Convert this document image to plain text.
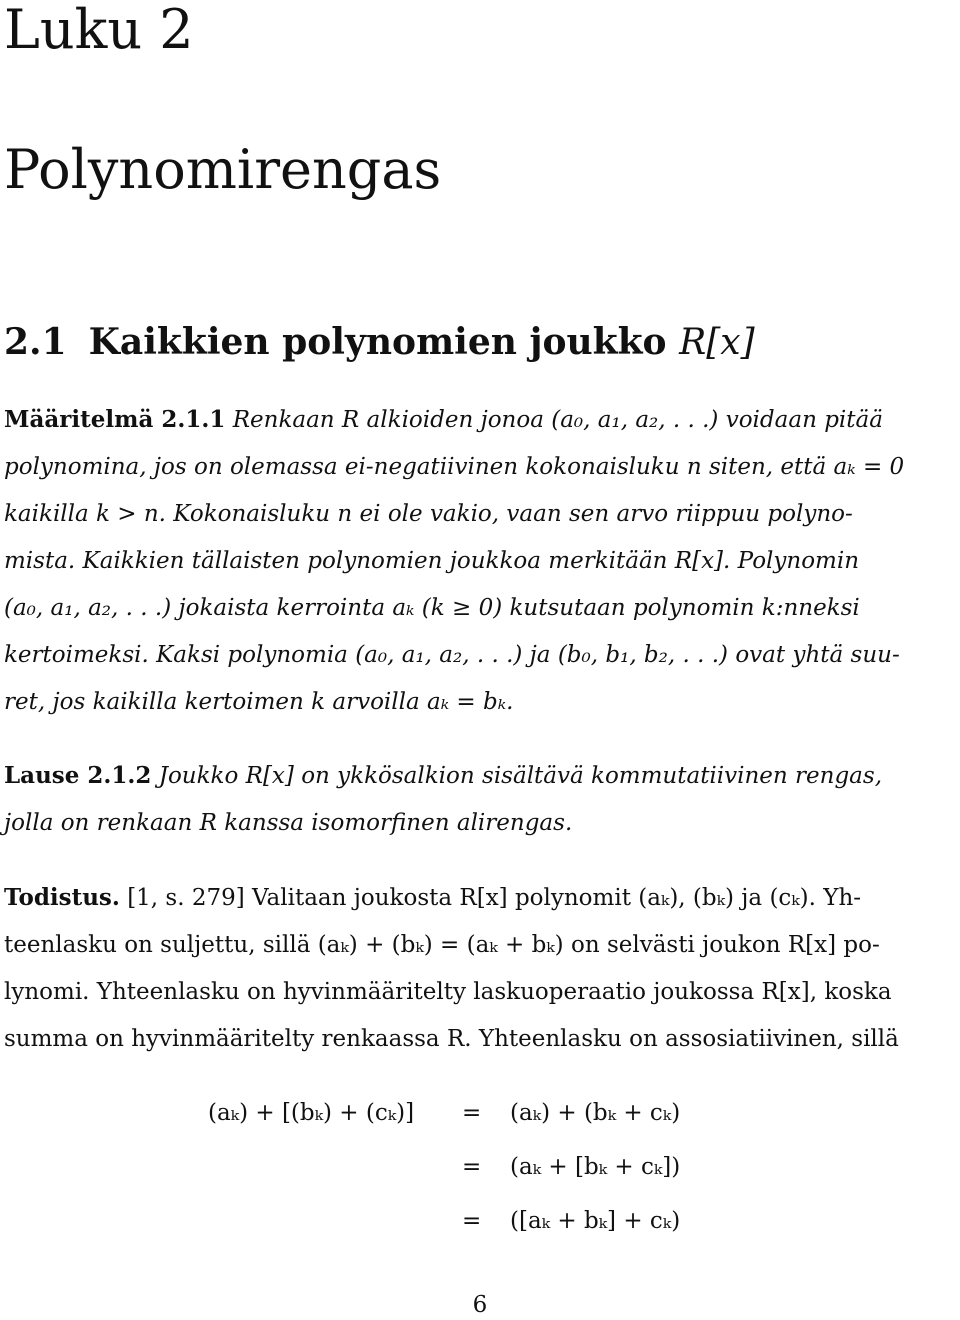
Luku 2
Polynomirengas
2.1 Kaikkien polynomien joukko R[x]
Määritelmä 2.1.1 Renkaan R alkioiden jonoa (a₀, a₁, a₂, . . .) voidaan pitää
polynomina, jos on olemassa ei-negatiivinen kokonaisluku n siten, että aₖ = 0
kaikilla k > n. Kokonaisluku n ei ole vakio, vaan sen arvo riippuu polyno-
mista. Kaikkien tällaisten polynomien joukkoa merkitään R[x]. Polynomin
(a₀, a₁, a₂, . . .) jokaista kerrointa aₖ (k ≥ 0) kutsutaan polynomin k:nneksi
kertoimeksi. Kaksi polynomia (a₀, a₁, a₂, . . .) ja (b₀, b₁, b₂, . . .) ovat yhtä suu-
ret, jos kaikilla kertoimen k arvoilla aₖ = bₖ.
Lause 2.1.2 Joukko R[x] on ykkösalkion sisältävä kommutatiivinen rengas,
jolla on renkaan R kanssa isomorfinen alirengas.
Todistus. [1, s. 279] Valitaan joukosta R[x] polynomit (aₖ), (bₖ) ja (cₖ). Yh-
teenlasku on suljettu, sillä (aₖ) + (bₖ) = (aₖ + bₖ) on selvästi joukon R[x] po-
lynomi. Yhteenlasku on hyvinmääritelty laskuoperaatio joukossa R[x], koska
summa on hyvinmääritelty renkaassa R. Yhteenlasku on assosiatiivinen, sillä
(aₖ) + [(bₖ) + (cₖ)] = (aₖ) + (bₖ + cₖ)
= (aₖ + [bₖ + cₖ])
= ([aₖ + bₖ] + cₖ)
6
